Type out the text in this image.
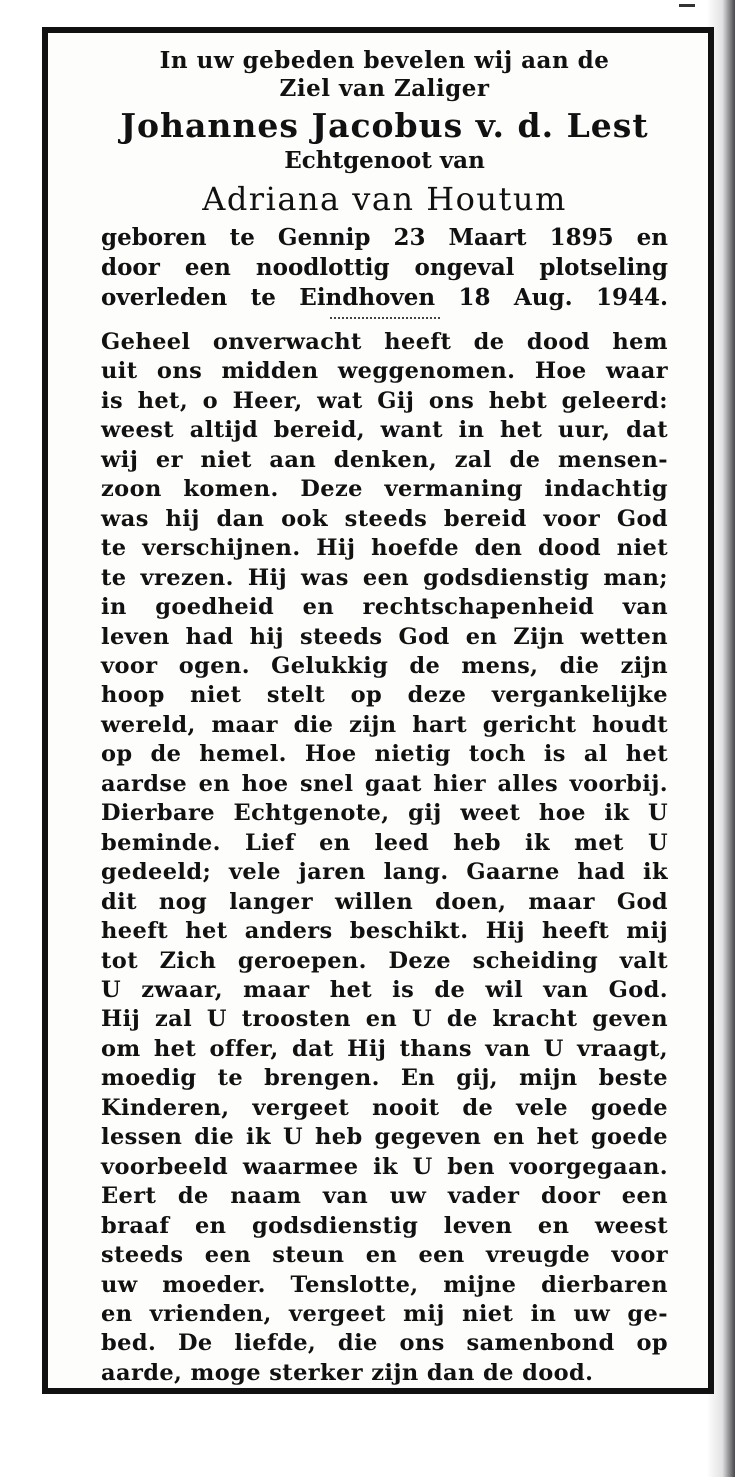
In uw gebeden bevelen wij aan de
Ziel van Zaliger
Johannes Jacobus v. d. Lest
Echtgenoot van
Adriana van Houtum
geboren te Gennip 23 Maart 1895 en
door een noodlottig ongeval plotseling
overleden te Eindhoven 18 Aug. 1944.
Geheel onverwacht heeft de dood hem
uit ons midden weggenomen. Hoe waar
is het, o Heer, wat Gij ons hebt geleerd:
weest altijd bereid, want in het uur, dat
wij er niet aan denken, zal de mensen-
zoon komen. Deze vermaning indachtig
was hij dan ook steeds bereid voor God
te verschijnen. Hij hoefde den dood niet
te vrezen. Hij was een godsdienstig man;
in goedheid en rechtschapenheid van
leven had hij steeds God en Zijn wetten
voor ogen. Gelukkig de mens, die zijn
hoop niet stelt op deze vergankelijke
wereld, maar die zijn hart gericht houdt
op de hemel. Hoe nietig toch is al het
aardse en hoe snel gaat hier alles voorbij.
Dierbare Echtgenote, gij weet hoe ik U
beminde. Lief en leed heb ik met U
gedeeld; vele jaren lang. Gaarne had ik
dit nog langer willen doen, maar God
heeft het anders beschikt. Hij heeft mij
tot Zich geroepen. Deze scheiding valt
U zwaar, maar het is de wil van God.
Hij zal U troosten en U de kracht geven
om het offer, dat Hij thans van U vraagt,
moedig te brengen. En gij, mijn beste
Kinderen, vergeet nooit de vele goede
lessen die ik U heb gegeven en het goede
voorbeeld waarmee ik U ben voorgegaan.
Eert de naam van uw vader door een
braaf en godsdienstig leven en weest
steeds een steun en een vreugde voor
uw moeder. Tenslotte, mijne dierbaren
en vrienden, vergeet mij niet in uw ge-
bed. De liefde, die ons samenbond op
aarde, moge sterker zijn dan de dood.
